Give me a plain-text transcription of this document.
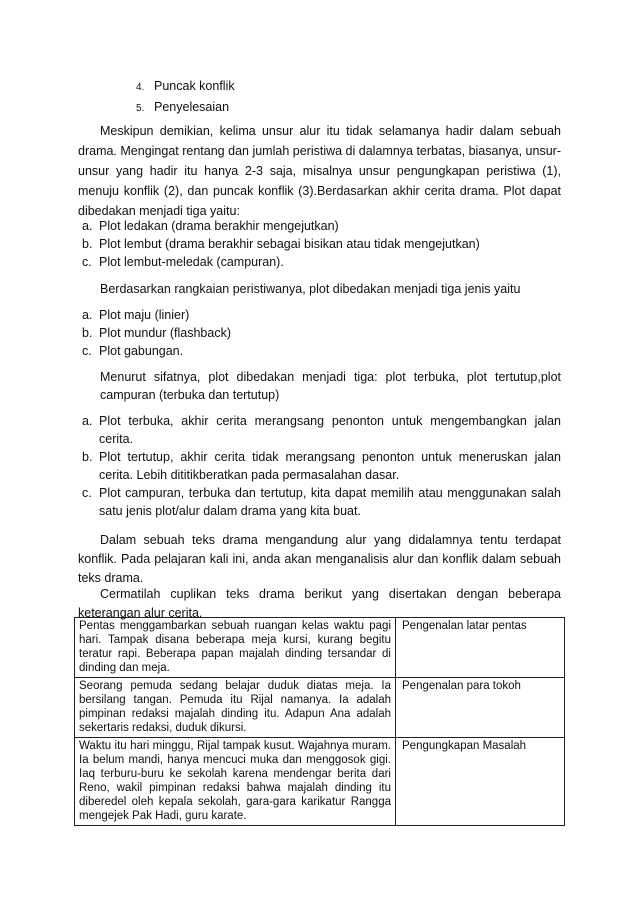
4. Puncak konflik
5. Penyelesaian

Meskipun demikian, kelima unsur alur itu tidak selamanya hadir dalam sebuah drama. Mengingat rentang dan jumlah peristiwa di dalamnya terbatas, biasanya, unsur-unsur yang hadir itu hanya 2-3 saja, misalnya unsur pengungkapan peristiwa (1), menuju konflik (2), dan puncak konflik (3).Berdasarkan akhir cerita drama. Plot dapat dibedakan menjadi tiga yaitu:

a. Plot ledakan (drama berakhir mengejutkan)
b. Plot lembut (drama berakhir sebagai bisikan atau tidak mengejutkan)
c. Plot lembut-meledak (campuran).

Berdasarkan rangkaian peristiwanya, plot dibedakan menjadi tiga jenis yaitu

a. Plot maju (linier)
b. Plot mundur (flashback)
c. Plot gabungan.

Menurut sifatnya, plot dibedakan menjadi tiga: plot terbuka, plot tertutup,plot campuran (terbuka dan tertutup)

a. Plot terbuka, akhir cerita merangsang penonton untuk mengembangkan jalan cerita.
b. Plot tertutup, akhir cerita tidak merangsang penonton untuk meneruskan jalan cerita. Lebih dititikberatkan pada permasalahan dasar.
c. Plot campuran, terbuka dan tertutup, kita dapat memilih atau menggunakan salah satu jenis plot/alur dalam drama yang kita buat.

Dalam sebuah teks drama mengandung alur yang didalamnya tentu terdapat konflik. Pada pelajaran kali ini, anda akan menganalisis alur dan konflik dalam sebuah teks drama.

Cermatilah cuplikan teks drama berikut yang disertakan dengan beberapa keterangan alur cerita.

Pentas menggambarkan sebuah ruangan kelas waktu pagi hari. Tampak disana beberapa meja kursi, kurang begitu teratur rapi. Beberapa papan majalah dinding tersandar di dinding dan meja.	Pengenalan latar pentas
Seorang pemuda sedang belajar duduk diatas meja. Ia bersilang tangan. Pemuda itu Rijal namanya. Ia adalah pimpinan redaksi majalah dinding itu. Adapun Ana adalah sekertaris redaksi, duduk dikursi.	Pengenalan para tokoh
Waktu itu hari minggu, Rijal tampak kusut. Wajahnya muram. Ia belum mandi, hanya mencuci muka dan menggosok gigi. Iaq terburu-buru ke sekolah karena mendengar berita dari Reno, wakil pimpinan redaksi bahwa majalah dinding itu diberedel oleh kepala sekolah, gara-gara karikatur Rangga mengejek Pak Hadi, guru karate.	Pengungkapan Masalah
